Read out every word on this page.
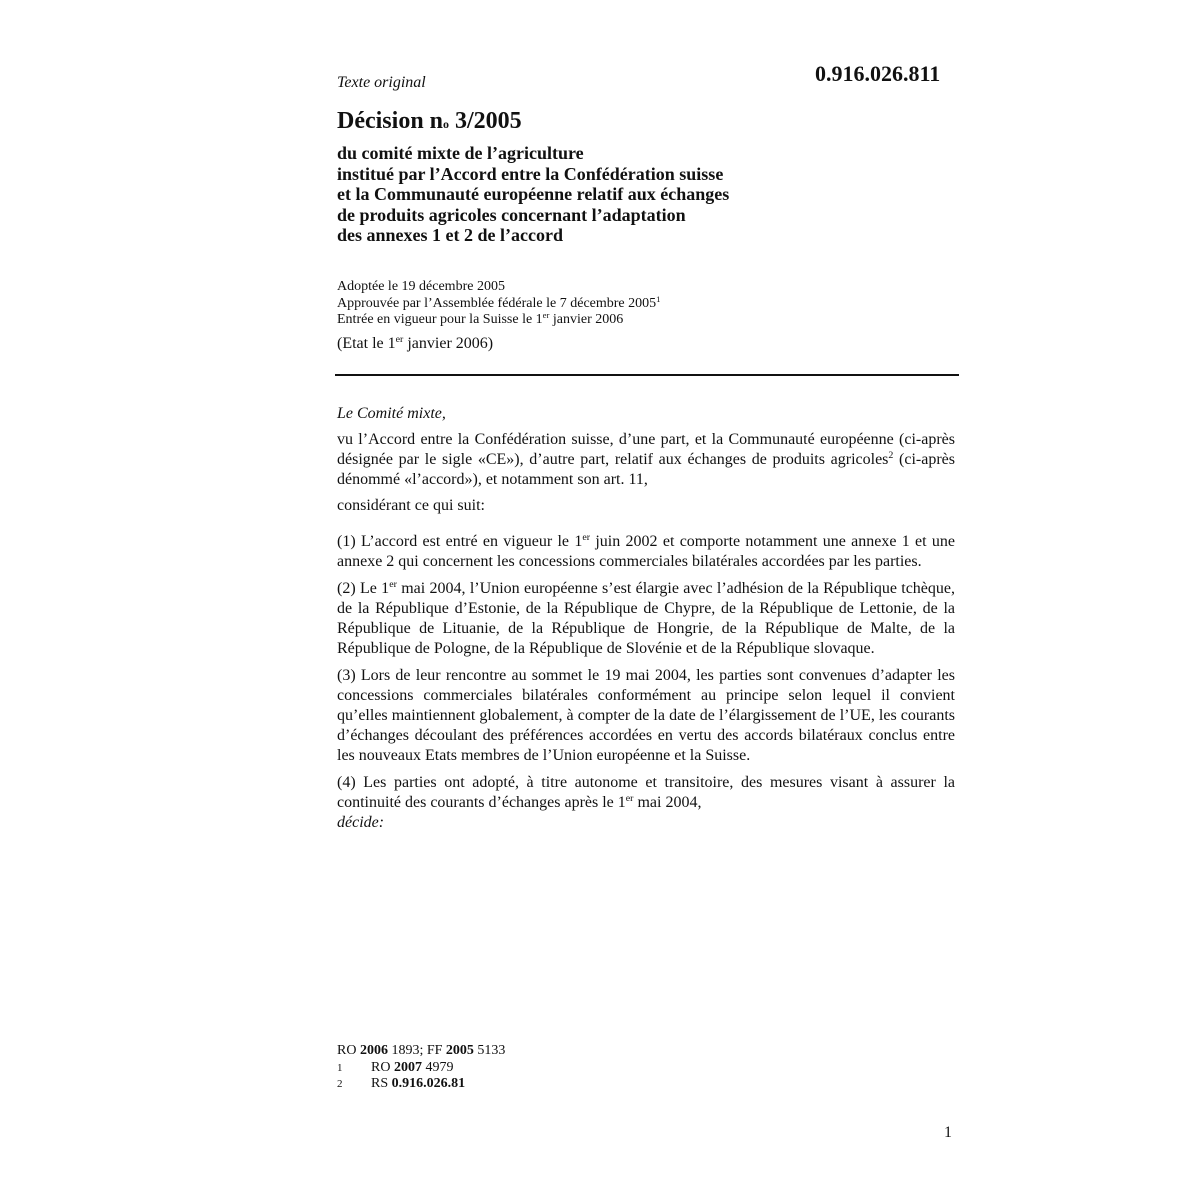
Texte original	0.916.026.811
Décision no 3/2005
du comité mixte de l’agriculture
institué par l’Accord entre la Confédération suisse
et la Communauté européenne relatif aux échanges
de produits agricoles concernant l’adaptation
des annexes 1 et 2 de l’accord
Adoptée le 19 décembre 2005
Approuvée par l’Assemblée fédérale le 7 décembre 2005$^1$
Entrée en vigueur pour la Suisse le 1er janvier 2006
(Etat le 1er janvier 2006)

Le Comité mixte,

vu l’Accord entre la Confédération suisse, d’une part, et la Communauté européenne (ci-après désignée par le sigle «CE»), d’autre part, relatif aux échanges de produits agricoles$^2$ (ci-après dénommé «l’accord»), et notamment son art. 11,

considérant ce qui suit:

(1) L’accord est entré en vigueur le 1er juin 2002 et comporte notamment une annexe 1 et une annexe 2 qui concernent les concessions commerciales bilatérales accordées par les parties.

(2) Le 1er mai 2004, l’Union européenne s’est élargie avec l’adhésion de la République tchèque, de la République d’Estonie, de la République de Chypre, de la République de Lettonie, de la République de Lituanie, de la République de Hongrie, de la République de Malte, de la République de Pologne, de la République de Slovénie et de la République slovaque.

(3) Lors de leur rencontre au sommet le 19 mai 2004, les parties sont convenues d’adapter les concessions commerciales bilatérales conformément au principe selon lequel il convient qu’elles maintiennent globalement, à compter de la date de l’élargissement de l’UE, les courants d’échanges découlant des préférences accordées en vertu des accords bilatéraux conclus entre les nouveaux Etats membres de l’Union européenne et la Suisse.

(4) Les parties ont adopté, à titre autonome et transitoire, des mesures visant à assurer la continuité des courants d’échanges après le 1er mai 2004,

décide:

RO 2006 1893; FF 2005 5133
1	RO 2007 4979
2	RS 0.916.026.81
1
